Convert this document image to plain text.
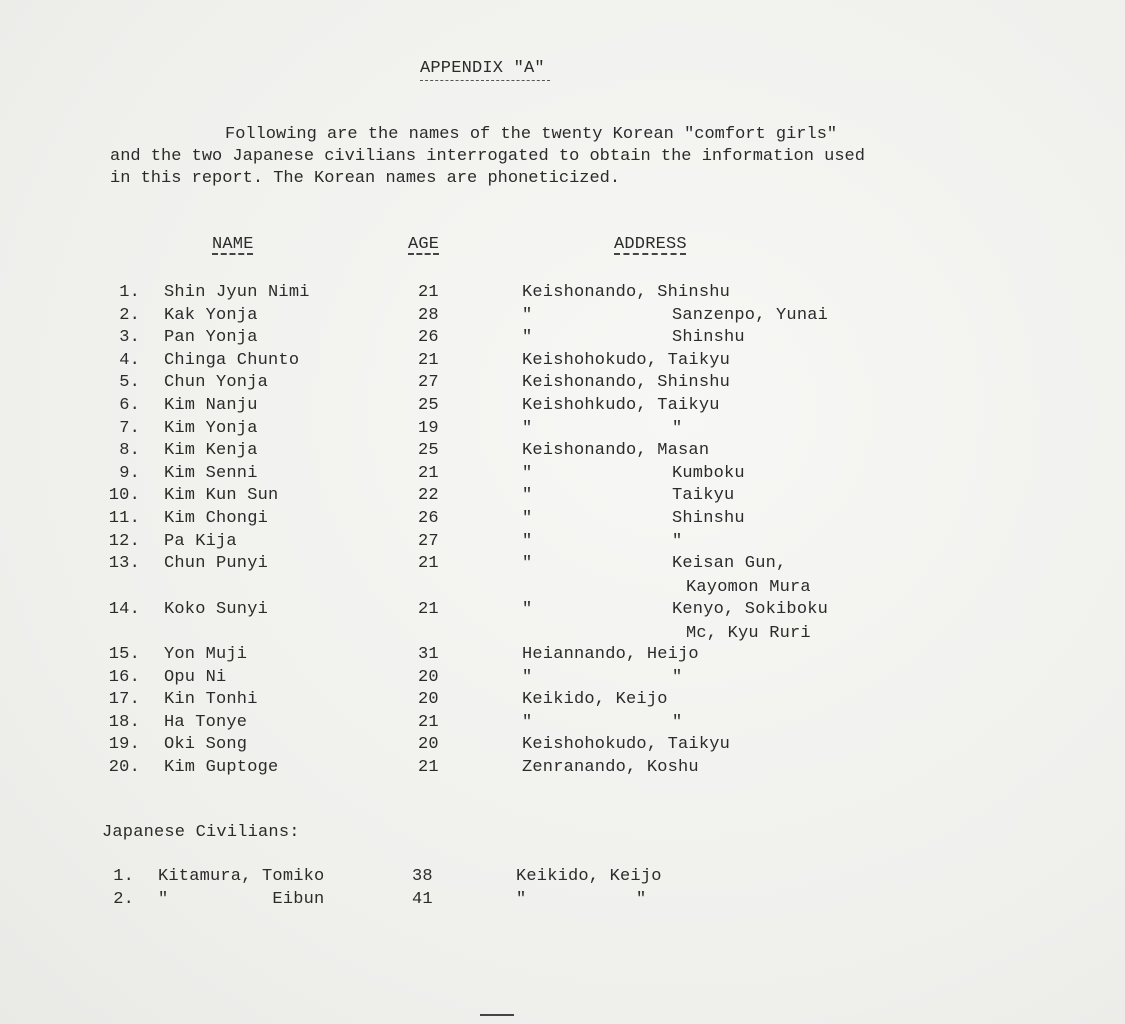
APPENDIX "A"
Following are the names of the twenty Korean "comfort girls" and the two Japanese civilians interrogated to obtain the information used in this report. The Korean names are phoneticized.
NAME	AGE	ADDRESS
1. Shin Jyun Nimi	21	Keishonando, Shinshu
2. Kak Yonja	28	"	Sanzenpo, Yunai
3. Pan Yonja	26	"	Shinshu
4. Chinga Chunto	21	Keishohokudo, Taikyu
5. Chun Yonja	27	Keishonando, Shinshu
6. Kim Nanju	25	Keishohkudo, Taikyu
7. Kim Yonja	19	"	"
8. Kim Kenja	25	Keishonando, Masan
9. Kim Senni	21	"	Kumboku
10. Kim Kun Sun	22	"	Taikyu
11. Kim Chongi	26	"	Shinshu
12. Pa Kija	27	"	"
13. Chun Punyi	21	"	Keisan Gun,
Kayomon Mura
14. Koko Sunyi	21	"	Kenyo, Sokiboku
Mc, Kyu Ruri
15. Yon Muji	31	Heiannando, Heijo
16. Opu Ni	20	"	"
17. Kin Tonhi	20	Keikido, Keijo
18. Ha Tonye	21	"	"
19. Oki Song	20	Keishohokudo, Taikyu
20. Kim Guptoge	21	Zenranando, Koshu
Japanese Civilians:
1. Kitamura, Tomiko	38	Keikido, Keijo
2. "          Eibun	41	"	"
